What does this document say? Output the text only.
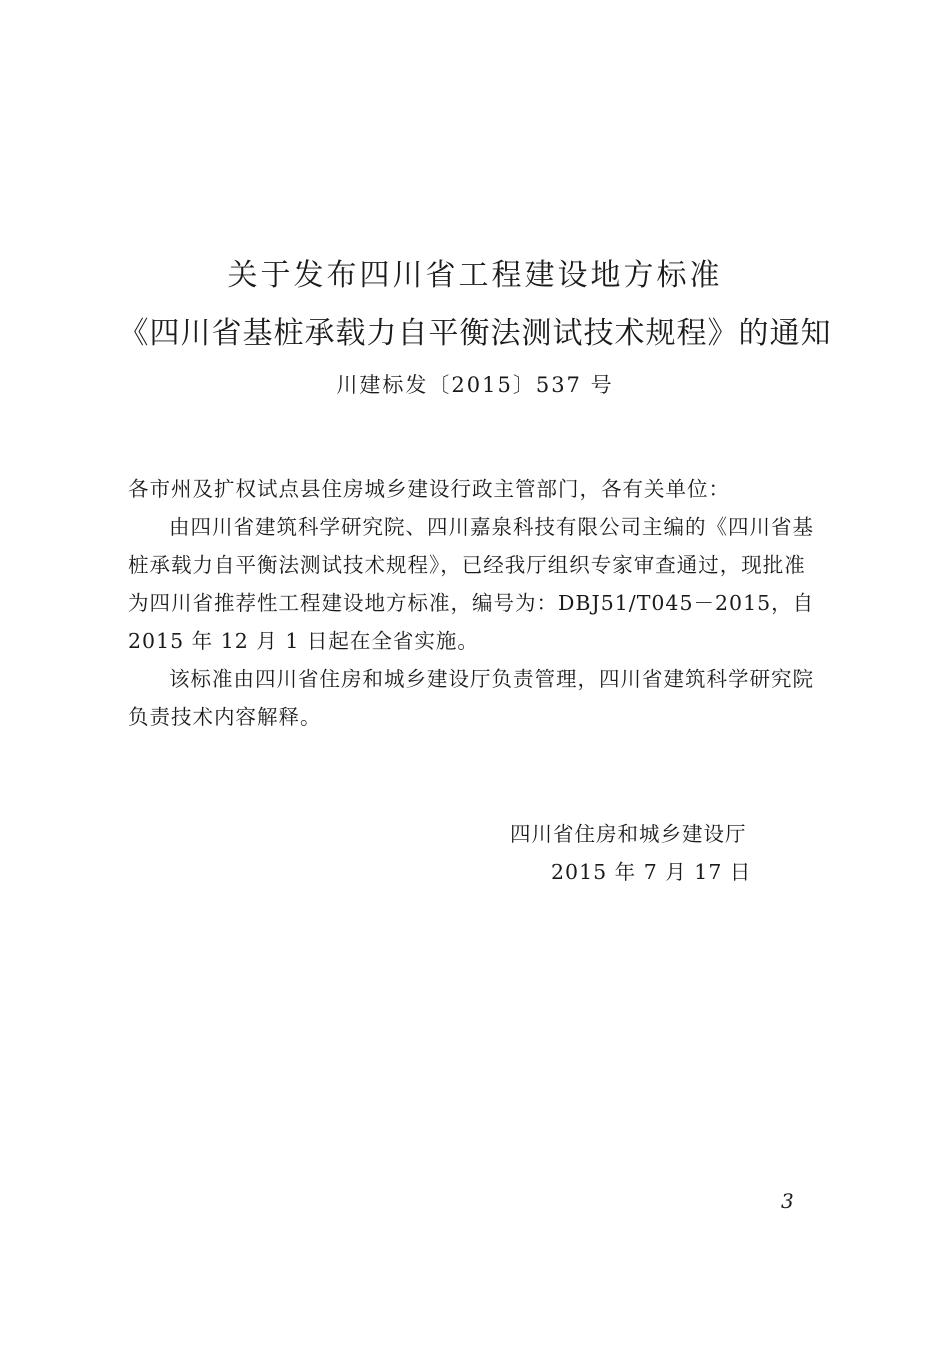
关于发布四川省工程建设地方标准
《四川省基桩承载力自平衡法测试技术规程》的通知
川建标发〔2015〕537 号
各市州及扩权试点县住房城乡建设行政主管部门，各有关单位：
由四川省建筑科学研究院、四川嘉泉科技有限公司主编的《四川省基桩承载力自平衡法测试技术规程》，已经我厅组织专家审查通过，现批准为四川省推荐性工程建设地方标准，编号为：DBJ51/T045－2015，自 2015 年 12 月 1 日起在全省实施。
该标准由四川省住房和城乡建设厅负责管理，四川省建筑科学研究院负责技术内容解释。
四川省住房和城乡建设厅
2015 年 7 月 17 日
3
